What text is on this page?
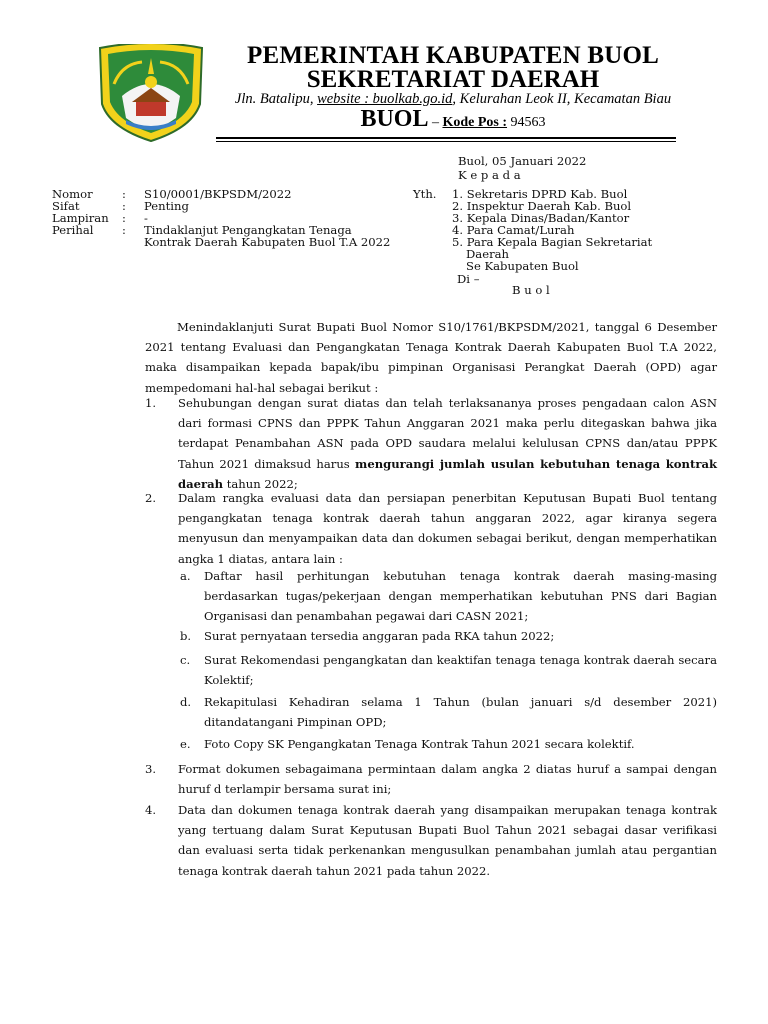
PEMERINTAH KABUPATEN BUOL
SEKRETARIAT DAERAH
Jln. Batalipu, website : buolkab.go.id, Kelurahan Leok II, Kecamatan Biau
BUOL – Kode Pos : 94563
Buol, 05 Januari 2022
K e p a d a
Nomor	: S10/0001/BKPSDM/2022
Sifat	: Penting
Lampiran	: -
Perihal	: Tindaklanjut Pengangkatan Tenaga
Kontrak Daerah Kabupaten Buol T.A 2022
Yth. 1. Sekretaris DPRD Kab. Buol
2. Inspektur Daerah Kab. Buol
3. Kepala Dinas/Badan/Kantor
4. Para Camat/Lurah
5. Para Kepala Bagian Sekretariat
Daerah
Se Kabupaten Buol
Di –
B u o l
Menindaklanjuti Surat Bupati Buol Nomor S10/1761/BKPSDM/2021, tanggal 6 Desember 2021 tentang Evaluasi dan Pengangkatan Tenaga Kontrak Daerah Kabupaten Buol T.A 2022, maka disampaikan kepada bapak/ibu pimpinan Organisasi Perangkat Daerah (OPD) agar mempedomani hal-hal sebagai berikut :
1. Sehubungan dengan surat diatas dan telah terlaksananya proses pengadaan calon ASN dari formasi CPNS dan PPPK Tahun Anggaran 2021 maka perlu ditegaskan bahwa jika terdapat Penambahan ASN pada OPD saudara melalui kelulusan CPNS dan/atau PPPK Tahun 2021 dimaksud harus mengurangi jumlah usulan kebutuhan tenaga kontrak daerah tahun 2022;
2. Dalam rangka evaluasi data dan persiapan penerbitan Keputusan Bupati Buol tentang pengangkatan tenaga kontrak daerah tahun anggaran 2022, agar kiranya segera menyusun dan menyampaikan data dan dokumen sebagai berikut, dengan memperhatikan angka 1 diatas, antara lain :
a. Daftar hasil perhitungan kebutuhan tenaga kontrak daerah masing-masing berdasarkan tugas/pekerjaan dengan memperhatikan kebutuhan PNS dari Bagian Organisasi dan penambahan pegawai dari CASN 2021;
b. Surat pernyataan tersedia anggaran pada RKA tahun 2022;
c. Surat Rekomendasi pengangkatan dan keaktifan tenaga tenaga kontrak daerah secara Kolektif;
d. Rekapitulasi Kehadiran selama 1 Tahun (bulan januari s/d desember 2021) ditandatangani Pimpinan OPD;
e. Foto Copy SK Pengangkatan Tenaga Kontrak Tahun 2021 secara kolektif.
3. Format dokumen sebagaimana permintaan dalam angka 2 diatas huruf a sampai dengan huruf d terlampir bersama surat ini;
4. Data dan dokumen tenaga kontrak daerah yang disampaikan merupakan tenaga kontrak yang tertuang dalam Surat Keputusan Bupati Buol Tahun 2021 sebagai dasar verifikasi dan evaluasi serta tidak perkenankan mengusulkan penambahan jumlah atau pergantian tenaga kontrak daerah tahun 2021 pada tahun 2022.
